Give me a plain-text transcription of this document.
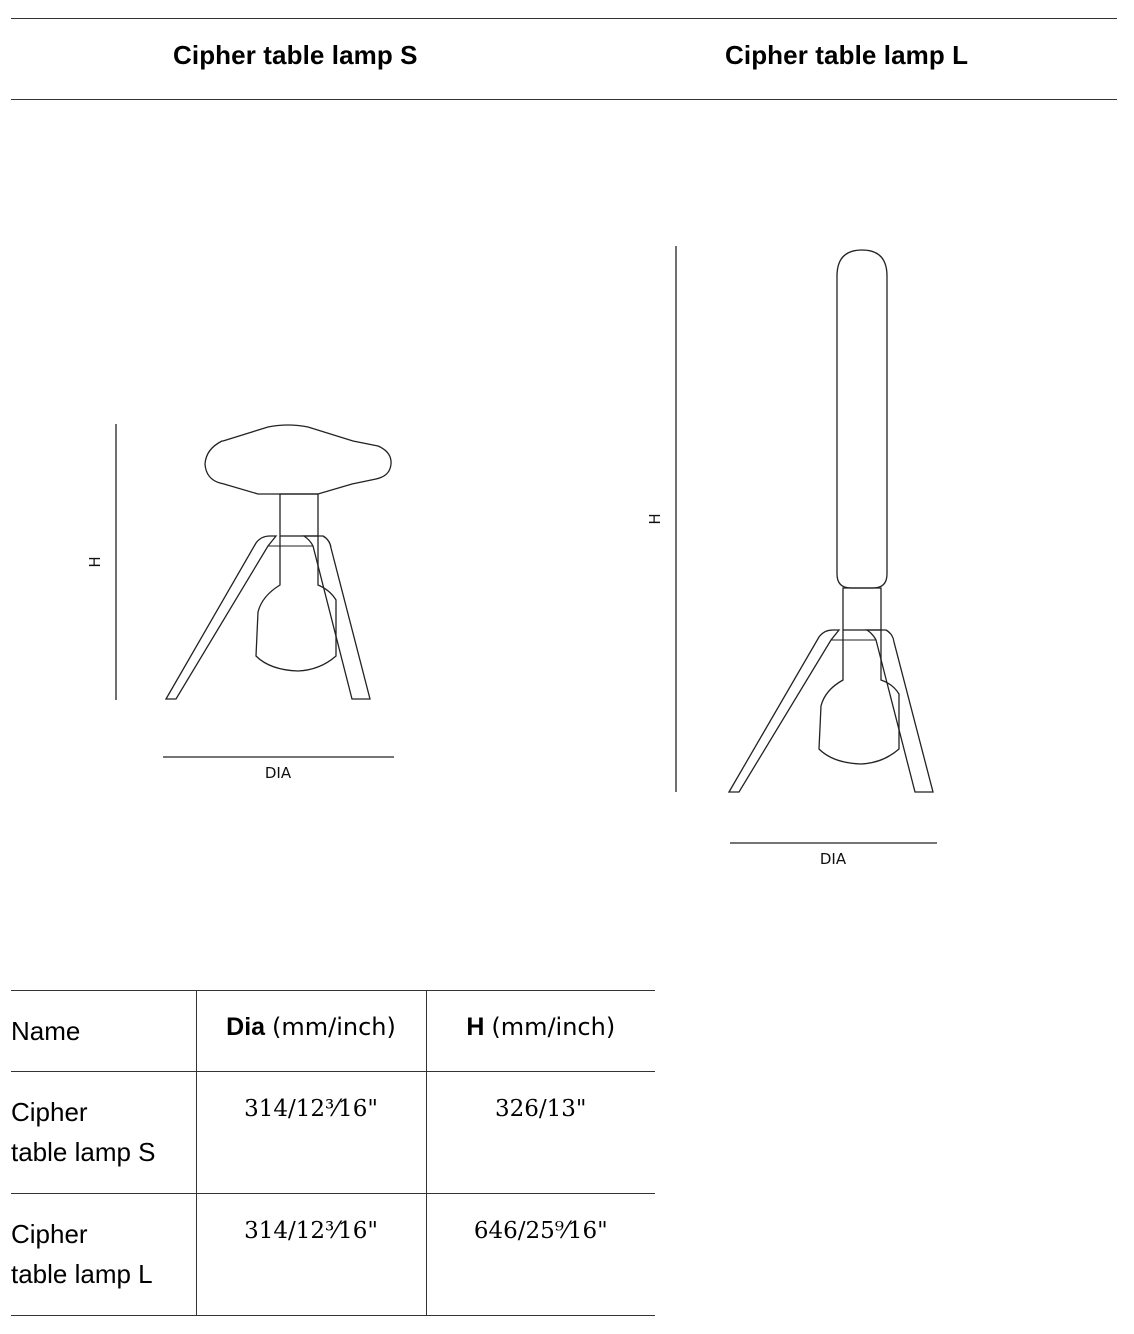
Cipher table lamp S	Cipher table lamp L
H
DIA
H
DIA
Name	Dia (mm/inch)	H (mm/inch)

Cipher
table lamp S	314/12³⁄16"	326/13"

Cipher
table lamp L	314/12³⁄16"	646/25⁹⁄16"
